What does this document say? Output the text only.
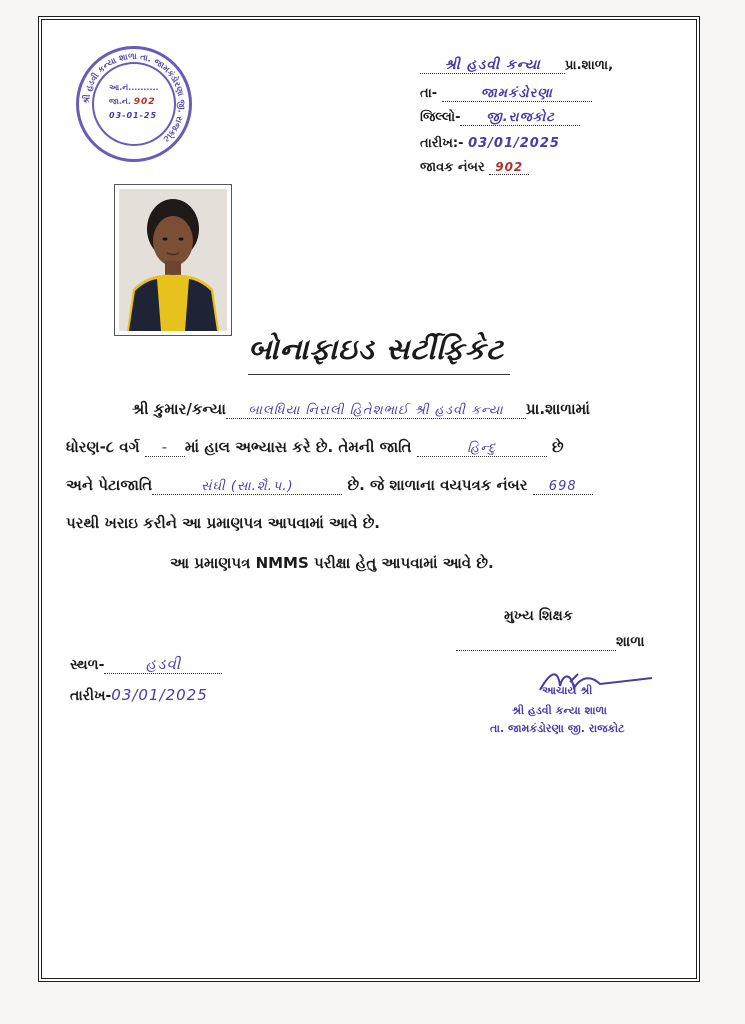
શ્રી હડવી કન્યા શાળા તા. જામકંડોરણા જી. રાજકોટ
આ.નં..........
જા.નં. 902
03-01-25
શ્રી હડવી કન્યા પ્રા.શાળા,
તા-	જામકંડોરણા
જિલ્લો- જી.રાજકોટ
તારીખ:- 03/01/2025
જાવક નંબર 902
બોનાફાઇડ સર્ટીફિકેટ
શ્રી કુમાર/કન્યા બાલધિયા નિરાલી હિતેશભાઈ શ્રી હડવી કન્યા પ્રા.શાળામાં
ધોરણ-૮ વર્ગ - માં હાલ અભ્યાસ કરે છે. તેમની જાતિ	હિન્દુ	છે
અને પેટાજાતિ	સંઘી (સા.શૈ.પ.)	છે. જે શાળાના વયપત્રક નંબર 698
પરથી ખરાઇ કરીને આ પ્રમાણપત્ર આપવામાં આવે છે.
આ પ્રમાણપત્ર NMMS પરીક્ષા હેતુ આપવામાં આવે છે.
મુખ્ય શિક્ષક
શાળા
સ્થળ-	હડવી
તારીખ-03/01/2025	આચાર્ય શ્રી
શ્રી હડવી કન્યા શાળા
તા. જામકંડોરણા જી. રાજકોટ
